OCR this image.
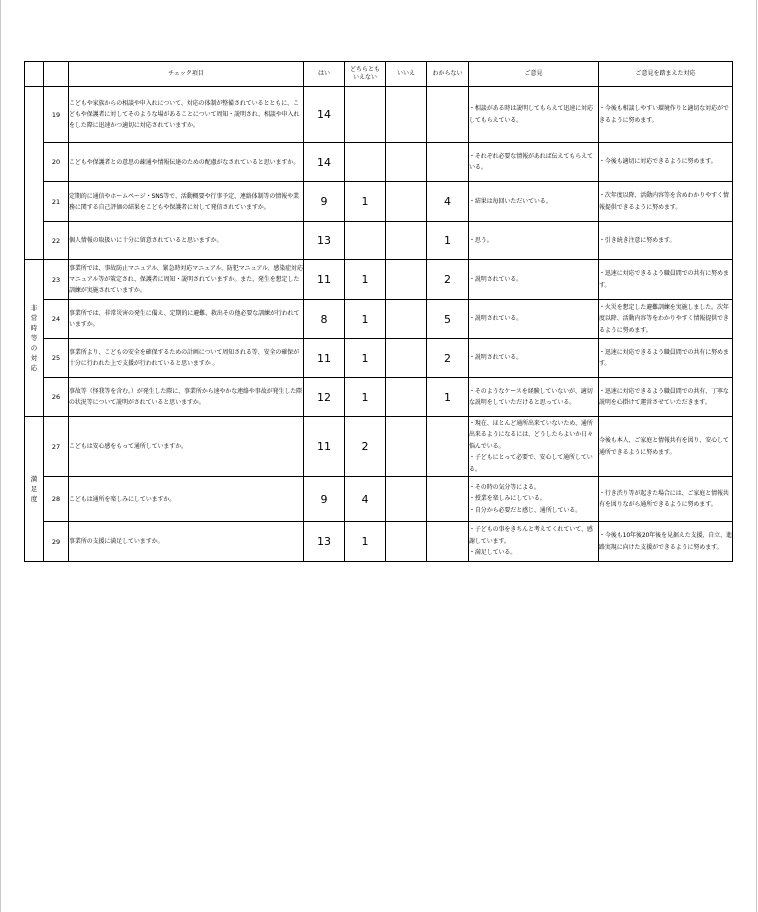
		チェック項目	はい	どちらとも
いえない	いいえ	わからない	ご意見	ご意見を踏まえた対応
	19	こどもや家族からの相談や申入れについて、対応の体制が整備されているとともに、こどもや保護者に対してそのような場があることについて周知・説明され、相談や申入れをした際に迅速かつ適切に対応されていますか。	14				・相談がある時は説明してもらえて迅速に対応してもらえている。	・今後も相談しやすい環境作りと適切な対応ができるように努めます。

	20	こどもや保護者との意思の疎通や情報伝達のための配慮がなされていると思いますか。	14				・それぞれ必要な情報があれば伝えてもらえている。	・今後も適切に対応できるように努めます。

	21	定期的に通信やホームページ・SNS等で、活動概要や行事予定、連絡体制等の情報や業務に関する自己評価の結果をこどもや保護者に対して発信されていますか。	9	1		4	・結果は毎回いただいている。	・次年度以降、活動内容等を含めわかりやすく情報提供できるように努めます。

	22	個人情報の取扱いに十分に留意されていると思いますか。	13			1	・思う。	・引き続き注意に努めます。

非常時等の対応	23	事業所では、事故防止マニュアル、緊急時対応マニュアル、防犯マニュアル、感染症対応マニュアル等が策定され、保護者に周知・説明されていますか。また、発生を想定した訓練が実施されていますか。	11	1		2	・説明されている。	・迅速に対応できるよう職員間での共有に努めます。

	24	事業所では、非常災害の発生に備え、定期的に避難、救出その他必要な訓練が行われていますか。	8	1		5	・説明されている。	・火災を想定した避難訓練を実施しました。次年度以降、活動内容等をわかりやすく情報提供できるように努めます。

	25	事業所より、こどもの安全を確保するための計画について周知される等、安全の確保が十分に行われた上で支援が行われていると思いますか 。	11	1		2	・説明されている。	・迅速に対応できるよう職員間での共有に努めます。

	26	事故等（怪我等を含む。）が発生した際に、事業所から速やかな連絡や事故が発生した際の状況等について説明がされていると思いますか。	12	1		1	・そのようなケースを経験していないが、適切な説明をしていただけると思っている。	・迅速に対応できるよう職員間での共有、丁寧な説明を心掛けて運営させていただきます。

満足度	27	こどもは安心感をもって通所していますか。	11	2			・現在、ほとんど通所出来ていないため、通所出来るようになるには、どうしたらよいか日々悩んでいる。
・子どもにとって必要で、安心して通所している。	今後も本人、ご家庭と情報共有を図り、安心して通所できるように努めます。

	28	こどもは通所を楽しみにしていますか。	9	4			・その時の気分等による。
・授業を楽しみにしている。
・自分から必要だと感じ、通所している。	・行き渋り等が起きた場合には、ご家庭と情報共有を図りながら通所できるように努めます。

	29	事業所の支援に満足していますか。	13	1			・子どもの事をきちんと考えてくれていて、感謝しています。
・満足している。	・今後も10年後20年後を見据えた支援、自立、進路実現に向けた支援ができるように努めます。
